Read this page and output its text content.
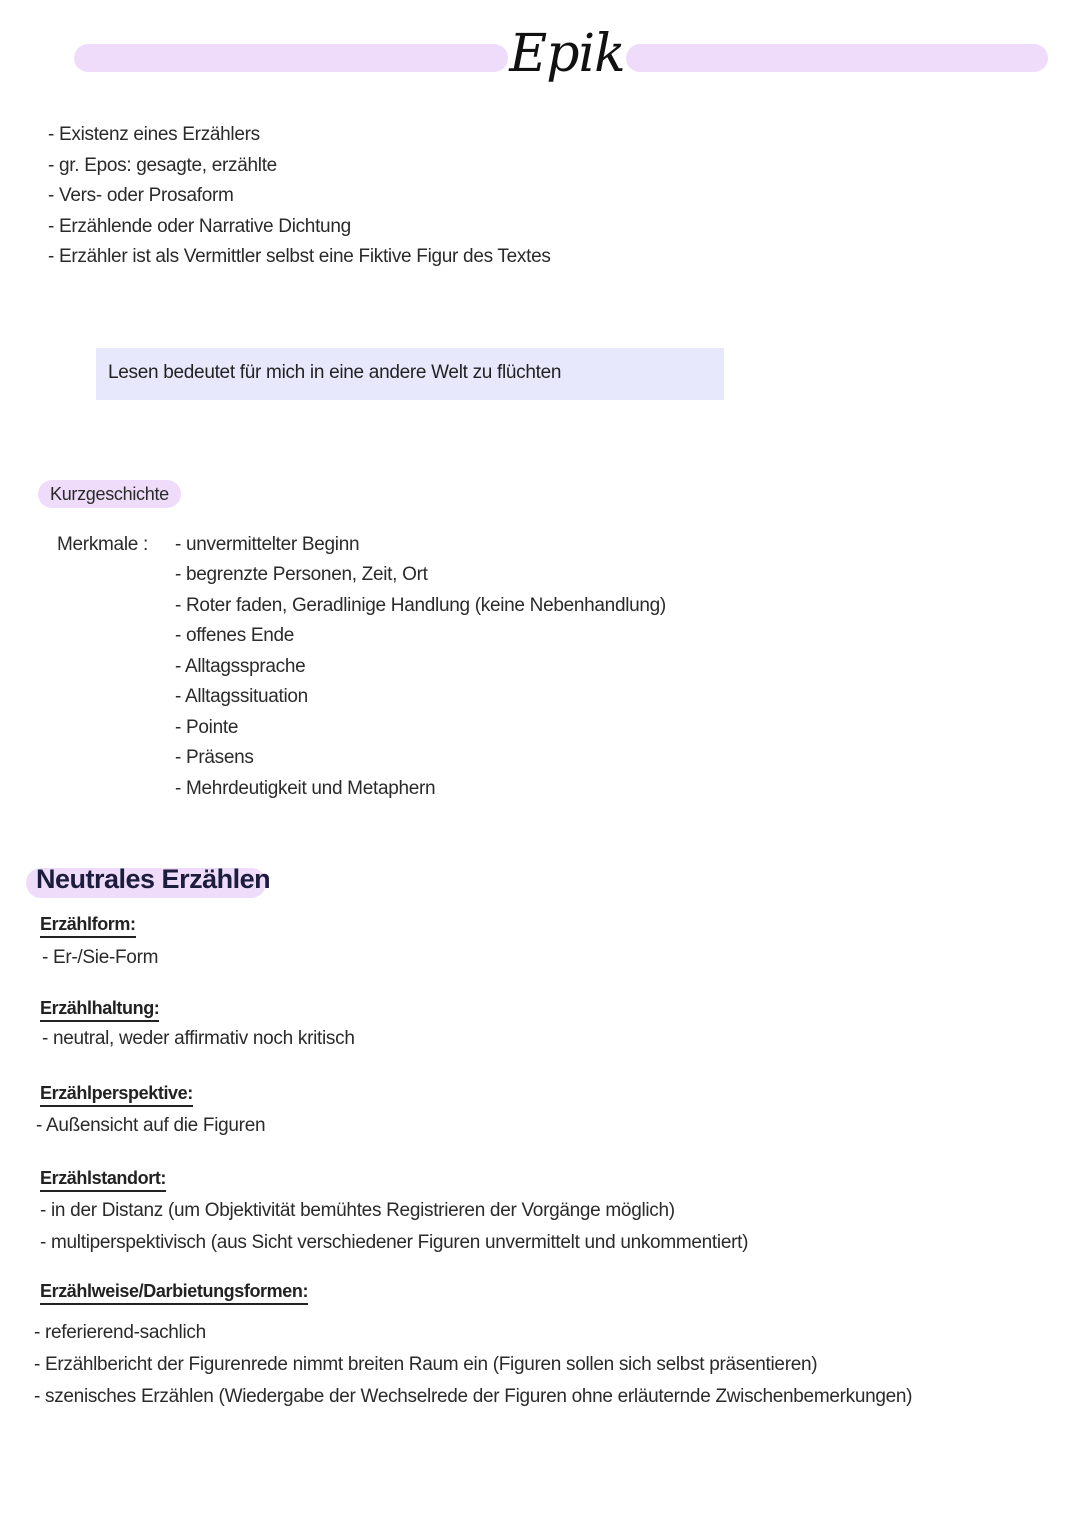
Epik
- Existenz eines Erzählers
- gr. Epos: gesagte, erzählte
- Vers- oder Prosaform
- Erzählende oder Narrative Dichtung
- Erzähler ist als Vermittler selbst eine Fiktive Figur des Textes
Lesen bedeutet für mich in eine andere Welt zu flüchten
Kurzgeschichte
Merkmale : - unvermittelter Beginn
- begrenzte Personen, Zeit, Ort
- Roter faden, Geradlinige Handlung (keine Nebenhandlung)
- offenes Ende
- Alltagssprache
- Alltagssituation
- Pointe
- Präsens
- Mehrdeutigkeit und Metaphern
Neutrales Erzählen
Erzählform:
- Er-/Sie-Form
Erzählhaltung:
- neutral, weder affirmativ noch kritisch
Erzählperspektive:
- Außensicht auf die Figuren
Erzählstandort:
- in der Distanz (um Objektivität bemühtes Registrieren der Vorgänge möglich)
- multiperspektivisch (aus Sicht verschiedener Figuren unvermittelt und unkommentiert)
Erzählweise/Darbietungsformen:
- referierend-sachlich
- Erzählbericht der Figurenrede nimmt breiten Raum ein (Figuren sollen sich selbst präsentieren)
- szenisches Erzählen (Wiedergabe der Wechselrede der Figuren ohne erläuternde Zwischenbemerkungen)
